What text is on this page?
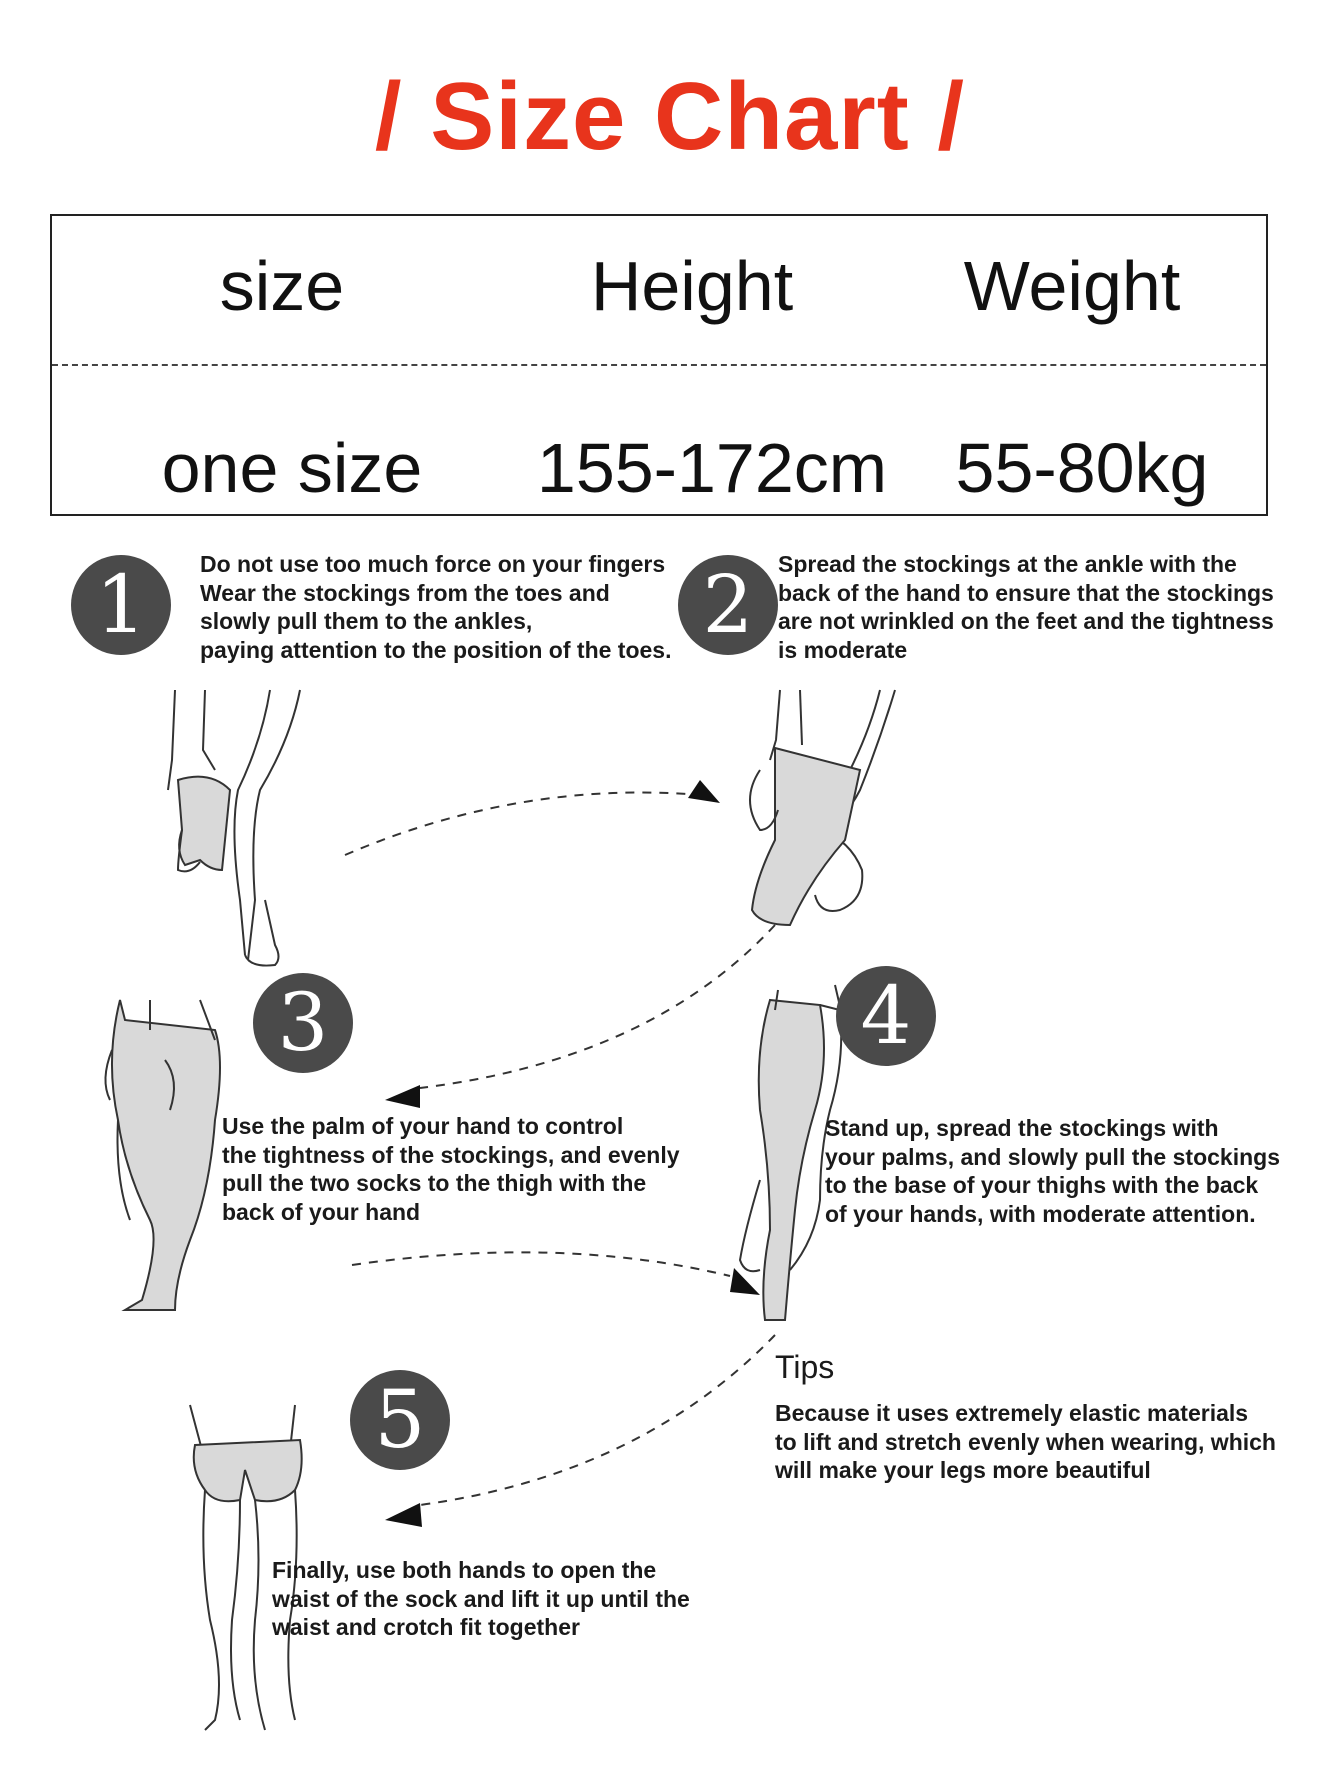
/ Size Chart /
size	Height	Weight
one size	155-172cm 55-80kg
1	2
3	4
5
Do not use too much force on your fingers
Wear the stockings from the toes and
slowly pull them to the ankles,
paying attention to the position of the toes.
Spread the stockings at the ankle with the
back of the hand to ensure that the stockings
are not wrinkled on the feet and the tightness
is moderate
Use the palm of your hand to control
the tightness of the stockings, and evenly
pull the two socks to the thigh with the
back of your hand
Stand up, spread the stockings with
your palms, and slowly pull the stockings
to the base of your thighs with the back
of your hands, with moderate attention.
Finally, use both hands to open the
waist of the sock and lift it up until the
waist and crotch fit together
Tips
Because it uses extremely elastic materials
to lift and stretch evenly when wearing, which
will make your legs more beautiful
